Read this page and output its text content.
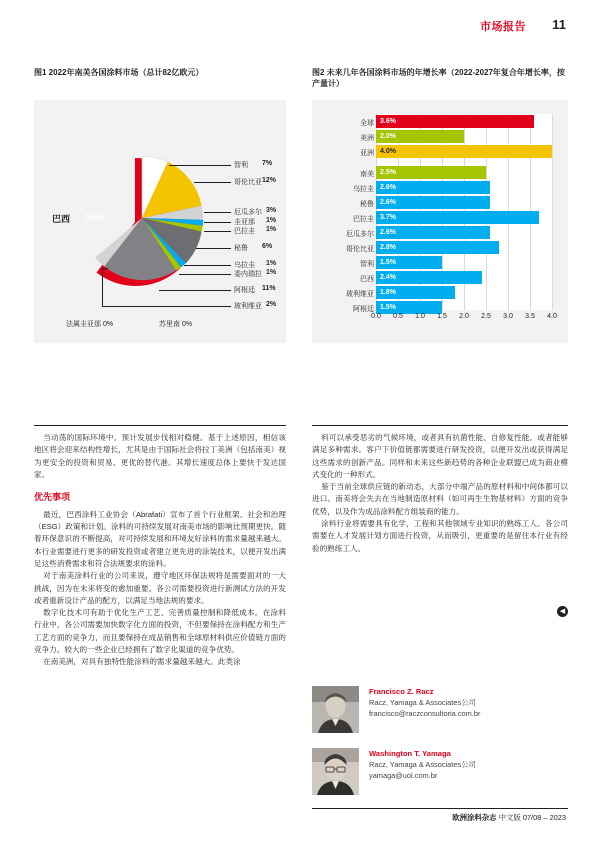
市场报告 11
图1 2022年南美各国涂料市场（总计82亿欧元）	图2 未来几年各国涂料市场的年增长率（2022-2027年复合年增长率，按产量计）
巴西 55%
智利 7%
哥伦比亚 12%
厄瓜多尔 3%
圭亚那 1%
巴拉圭 1%
秘鲁 6%
乌拉圭 1%
委内瑞拉 1%
阿根廷 11%
玻利维亚 2%
法属圭亚那 0%	苏里南 0%
全球 3.6%
美洲 2.0%
亚洲 4.0%
南美 2.5%
乌拉圭 2.6%
秘鲁 2.6%
巴拉圭 3.7%
厄瓜多尔 2.6%
哥伦比亚 2.8%
智利 1.5%
巴西 2.4%
玻利维亚 1.8%
阿根廷 1.5%
0.0	0.5	1.0	1.5	2.0	2.5	3.0	3.5	4.0

当动荡的国际环境中。预计发展步伐相对稳健。基于上述原因，相信该地区将会迎来结构性增长，尤其是由于国际社会将拉丁美洲（包括南美）视为更安全的投资和贸易、更优的替代港。其增长速度总体上要快于发达国家。

优先事项

最近，巴西涂料工业协会（Abrafati）宣布了首个行业框架、社会和治理（ESG）政策和计划。涂料的可持续发展对南美市场的影响比预期更快。随着环保意识的不断提高，对可持续发展和环境友好涂料的需求量越来越大。本行业需要进行更多的研发投资或者建立更先进的涂装技术，以便开发出满足这些消费需求和符合法规要求的涂料。

对于南美涂料行业的公司来说，遵守地区环保法规将是需要面对的一大挑战，因为在未来将变的愈加重要。各公司需要投资进行新测试方法的开发或者重新设计产品的配方，以满足当地法规的要求。

数字化技术可有助于优化生产工艺、完善质量控制和降低成本。在涂料行业中，各公司需要加快数字化方面的投资，不但要保持在涂料配方和生产工艺方面的竞争力，而且要保持在成品销售和全球原材料供应价值链方面的竞争力。较大的一些企业已经拥有了数字化渠道的竞争优势。

在南美洲，对具有独特性能涂料的需求量越来越大。此类涂

料可以承受恶劣的气候环境，或者具有抗菌性能、自修复性能。或者能够满足多种需求。客户下价值链都需要进行研发投资，以便开发出或获得满足这些需求的创新产品。同样和未来这些新趋势的各种企业联盟已成为商业模式变化的一种形式。

鉴于当前全球供应链的新动态，大部分中端产品的原材料和中间体都可以进口。南美将会失去在当地制造原材料（如可再生生物基材料）方面的竞争优势，以及作为成品涂料配方组装商的能力。

涂料行业将需要具有化学，工程和其他领域专业知识的熟练工人。各公司需要在人才发展计划方面进行投资，从而吸引，更重要的是留住本行业有经验的熟练工人。

◀
Francisco Z. Racz
Racz, Yamaga & Associates公司
francisco@raczconsultoria.com.br
Washington T. Yamaga
Racz, Yamaga & Associates公司
yamaga@uol.com.br
欧洲涂料杂志 中文版 07/08 – 2023
